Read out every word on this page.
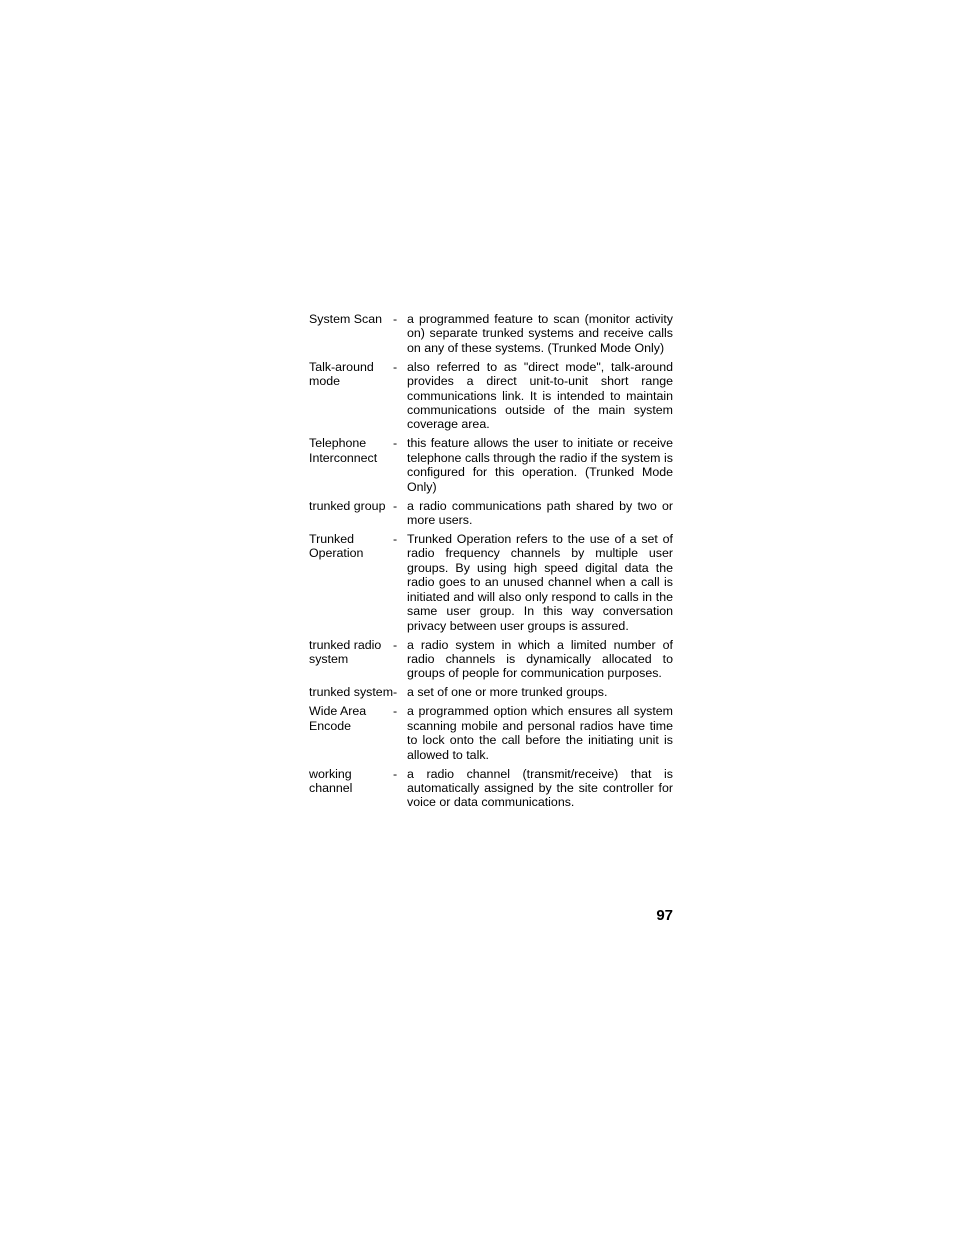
System Scan - a programmed feature to scan (monitor activity on) separate trunked systems and receive calls on any of these systems. (Trunked Mode Only)
Talk-around mode
- also referred to as "direct mode", talk-around provides a direct unit-to-unit short range communications link. It is intended to maintain communications outside of the main system coverage area.
Telephone
Interconnect
- this feature allows the user to initiate or receive telephone calls through the radio if the system is configured for this operation. (Trunked Mode Only)
trunked group - a radio communications path shared by two or more users.
Trunked Operation
- Trunked Operation refers to the use of a set of radio frequency channels by multiple user groups. By using high speed digital data the radio goes to an unused channel when a call is initiated and will also only respond to calls in the same user group. In this way conversation privacy between user groups is assured.
trunked radio system
- a radio system in which a limited number of radio channels is dynamically allocated to groups of people for communication purposes.
trunked system - a set of one or more trunked groups.
Wide Area Encode
- a programmed option which ensures all system scanning mobile and personal radios have time to lock onto the call before the initiating unit is allowed to talk.
working channel
- a radio channel (transmit/receive) that is automatically assigned by the site controller for voice or data communications.
97
